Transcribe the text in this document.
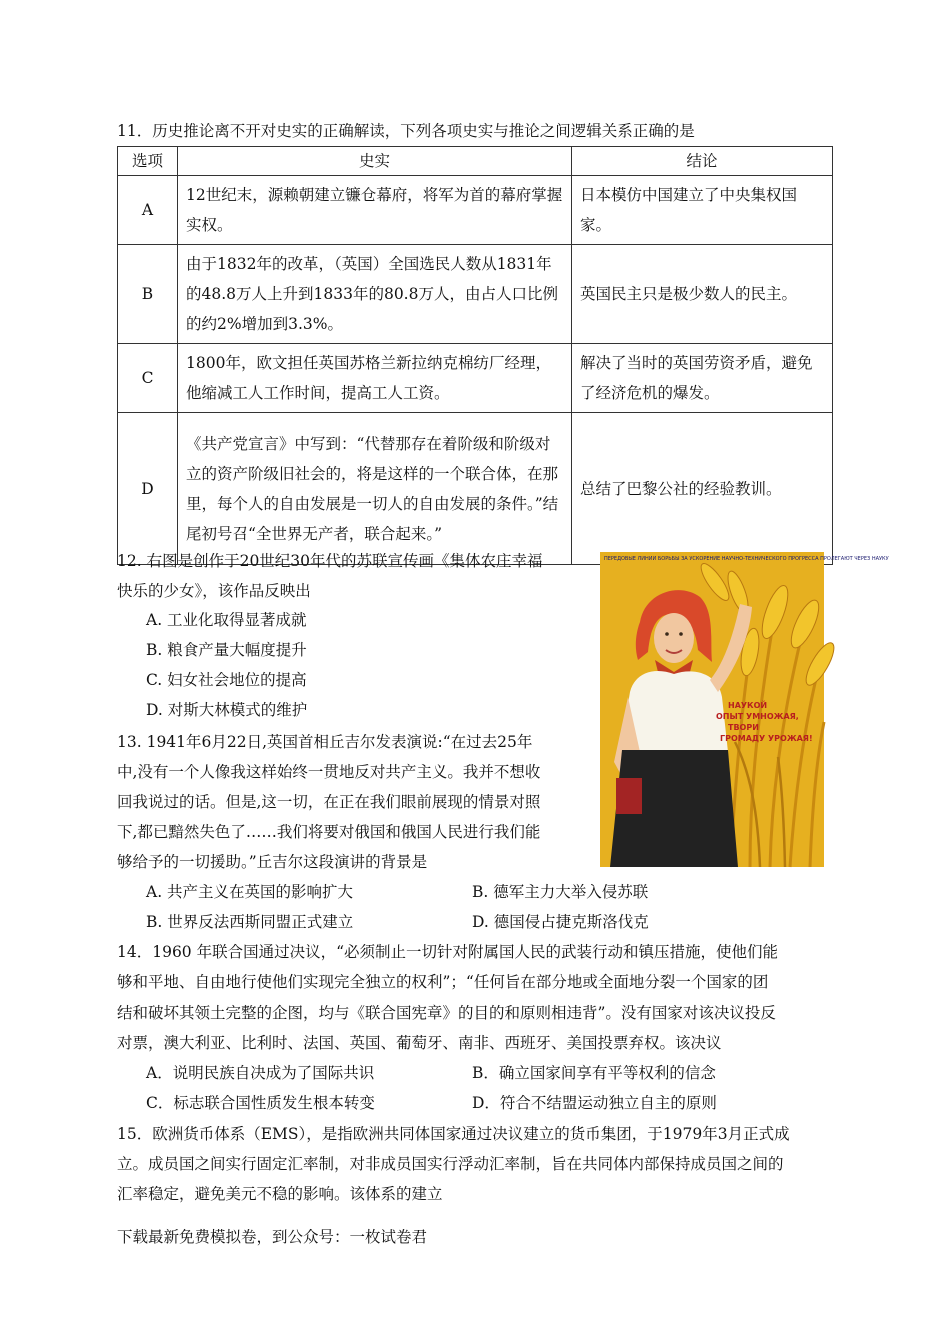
11．历史推论离不开对史实的正确解读，下列各项史实与推论之间逻辑关系正确的是
选项	史实	结论
A	12世纪末，源赖朝建立镰仓幕府，将军为首的幕府掌握实权。	日本模仿中国建立了中央集权国家。
B	由于1832年的改革，（英国）全国选民人数从1831年的48.8万人上升到1833年的80.8万人，由占人口比例的约2%增加到3.3%。	英国民主只是极少数人的民主。
C	1800年，欧文担任英国苏格兰新拉纳克棉纺厂经理，他缩减工人工作时间，提高工人工资。	解决了当时的英国劳资矛盾，避免了经济危机的爆发。
D	《共产党宣言》中写到：“代替那存在着阶级和阶级对立的资产阶级旧社会的，将是这样的一个联合体，在那里，每个人的自由发展是一切人的自由发展的条件。”结尾初号召“全世界无产者，联合起来。”	总结了巴黎公社的经验教训。
12. 右图是创作于20世纪30年代的苏联宣传画《集体农庄幸福
快乐的少女》，该作品反映出
A. 工业化取得显著成就
B. 粮食产量大幅度提升
C. 妇女社会地位的提高
D. 对斯大林模式的维护
ПЕРЕДОВЫЕ ЛИНИИ БОРЬБЫ ЗА УСКОРЕНИЕ НАУЧНО-ТЕХНИЧЕСКОГО ПРОГРЕССА ПРОЛЕГАЮТ ЧЕРЕЗ НАУКУ
НАУКОЙ
ОПЫТ УМНОЖАЯ,
ТВОРИ
ГРОМАДУ УРОЖАЯ!
13. 1941年6月22日,英国首相丘吉尔发表演说:“在过去25年
中,没有一个人像我这样始终一贯地反对共产主义。我并不想收
回我说过的话。但是,这一切，在正在我们眼前展现的情景对照
下,都已黯然失色了……我们将要对俄国和俄国人民进行我们能
够给予的一切援助。”丘吉尔这段演讲的背景是
A. 共产主义在英国的影响扩大	B. 德军主力大举入侵苏联
B. 世界反法西斯同盟正式建立	D. 德国侵占捷克斯洛伐克
14．1960 年联合国通过决议，“必须制止一切针对附属国人民的武装行动和镇压措施，使他们能
够和平地、自由地行使他们实现完全独立的权利”；“任何旨在部分地或全面地分裂一个国家的团
结和破坏其领土完整的企图，均与《联合国宪章》的目的和原则相违背”。没有国家对该决议投反
对票，澳大利亚、比利时、法国、英国、葡萄牙、南非、西班牙、美国投票弃权。该决议
A．说明民族自决成为了国际共识	B．确立国家间享有平等权利的信念
C．标志联合国性质发生根本转变	D．符合不结盟运动独立自主的原则
15．欧洲货币体系（EMS），是指欧洲共同体国家通过决议建立的货币集团，于1979年3月正式成
立。成员国之间实行固定汇率制，对非成员国实行浮动汇率制，旨在共同体内部保持成员国之间的
汇率稳定，避免美元不稳的影响。该体系的建立
下载最新免费模拟卷，到公众号：一枚试卷君
